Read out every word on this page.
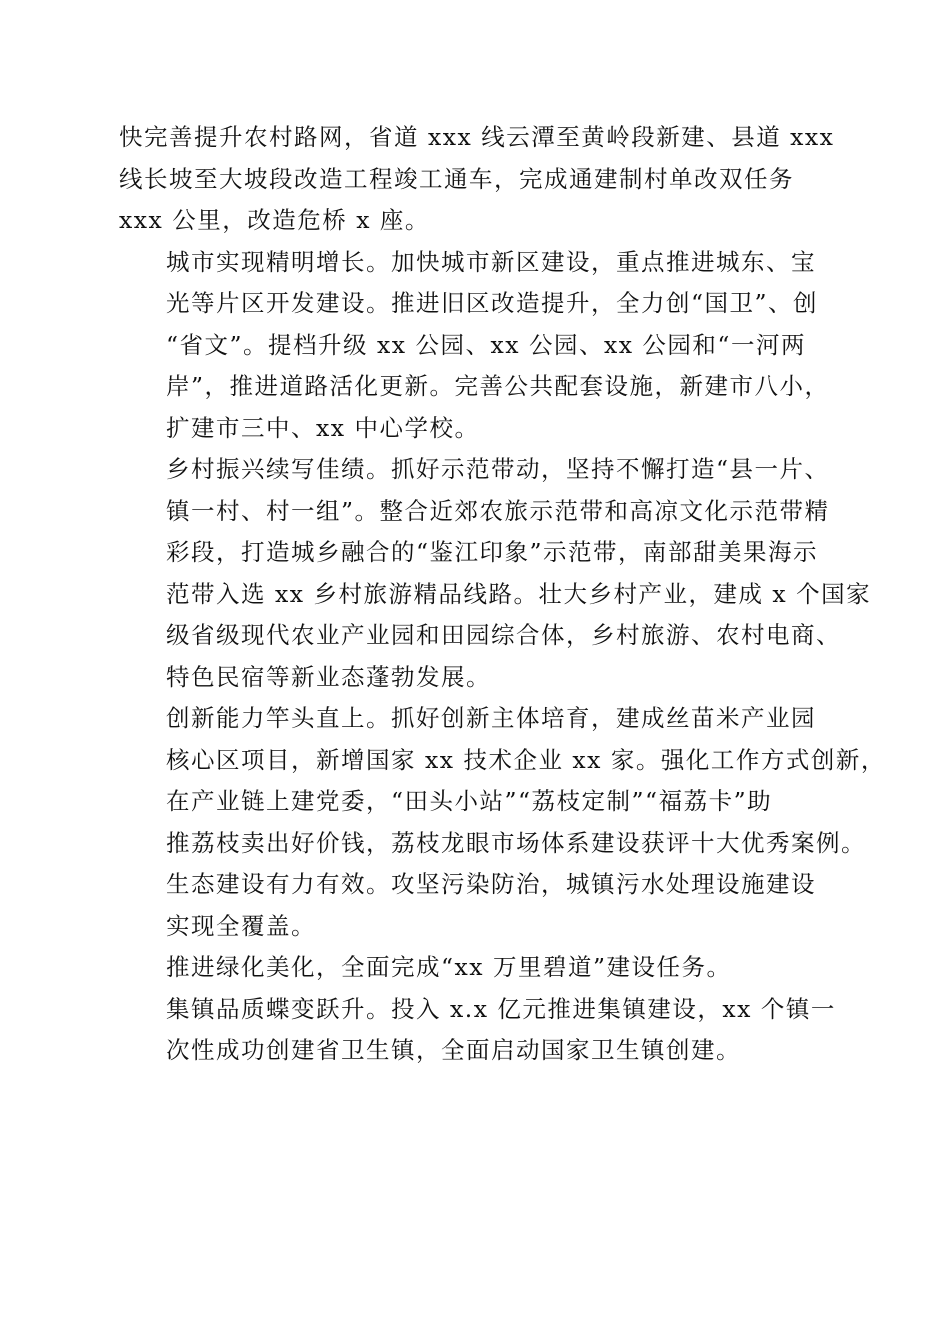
快完善提升农村路网，省道 xxx 线云潭至黄岭段新建、县道 xxx
线长坡至大坡段改造工程竣工通车，完成通建制村单改双任务
xxx 公里，改造危桥 x 座。

城市实现精明增长。加快城市新区建设，重点推进城东、宝
光等片区开发建设。推进旧区改造提升，全力创“国卫”、创
“省文”。提档升级 xx 公园、xx 公园、xx 公园和“一河两
岸”，推进道路活化更新。完善公共配套设施，新建市八小，
扩建市三中、xx 中心学校。

乡村振兴续写佳绩。抓好示范带动，坚持不懈打造“县一片、
镇一村、村一组”。整合近郊农旅示范带和高凉文化示范带精
彩段，打造城乡融合的“鉴江印象”示范带，南部甜美果海示
范带入选 xx 乡村旅游精品线路。壮大乡村产业，建成 x 个国家
级省级现代农业产业园和田园综合体，乡村旅游、农村电商、
特色民宿等新业态蓬勃发展。

创新能力竿头直上。抓好创新主体培育，建成丝苗米产业园
核心区项目，新增国家 xx 技术企业 xx 家。强化工作方式创新，
在产业链上建党委，“田头小站”“荔枝定制”“福荔卡”助
推荔枝卖出好价钱，荔枝龙眼市场体系建设获评十大优秀案例。

生态建设有力有效。攻坚污染防治，城镇污水处理设施建设
实现全覆盖。

推进绿化美化，全面完成“xx 万里碧道”建设任务。

集镇品质蝶变跃升。投入 x.x 亿元推进集镇建设，xx 个镇一
次性成功创建省卫生镇，全面启动国家卫生镇创建。
